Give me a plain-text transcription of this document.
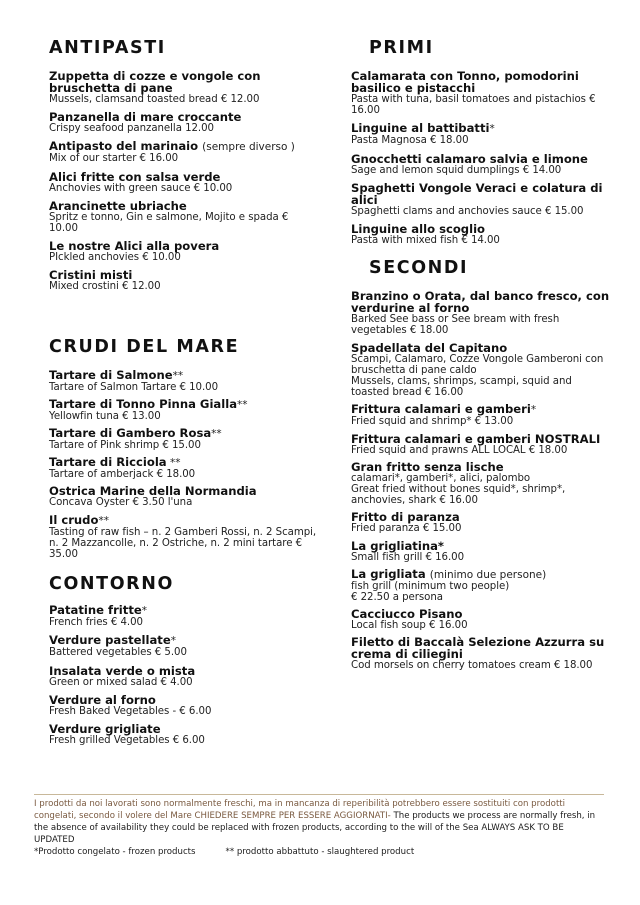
ANTIPASTI
Zuppetta di cozze e vongole con bruschetta di pane
Mussels, clamsand toasted bread € 12.00
Panzanella di mare croccante
Crispy seafood panzanella 12.00
Antipasto del marinaio (sempre diverso )
Mix of our starter € 16.00
Alici fritte con salsa verde
Anchovies with green sauce € 10.00
Arancinette ubriache
Spritz e tonno, Gin e salmone, Mojito e spada € 10.00
Le nostre Alici alla povera
PIckled anchovies € 10.00
Cristini misti
Mixed crostini € 12.00
CRUDI DEL MARE
Tartare di Salmone**
Tartare of Salmon Tartare € 10.00
Tartare di Tonno Pinna Gialla**
Yellowfin tuna € 13.00
Tartare di Gambero Rosa**
Tartare of Pink shrimp € 15.00
Tartare di Ricciola **
Tartare of amberjack € 18.00
Ostrica Marine della Normandia
Concava Oyster € 3.50 l'una
Il crudo**
Tasting of raw fish – n. 2 Gamberi Rossi, n. 2 Scampi, n. 2 Mazzancolle, n. 2 Ostriche, n. 2 mini tartare € 35.00
CONTORNO
Patatine fritte*
French fries € 4.00
Verdure pastellate*
Battered vegetables € 5.00
Insalata verde o mista
Green or mixed salad € 4.00
Verdure al forno
Fresh Baked Vegetables - € 6.00
Verdure grigliate
Fresh grilled Vegetables € 6.00
PRIMI
Calamarata con Tonno, pomodorini basilico e pistacchi
Pasta with tuna, basil tomatoes and pistachios € 16.00
Linguine al battibatti*
Pasta Magnosa € 18.00
Gnocchetti calamaro salvia e limone
Sage and lemon squid dumplings € 14.00
Spaghetti Vongole Veraci e colatura di alici
Spaghetti clams and anchovies sauce € 15.00
Linguine allo scoglio
Pasta with mixed fish € 14.00
SECONDI
Branzino o Orata, dal banco fresco, con verdurine al forno
Barked See bass or See bream with fresh vegetables € 18.00
Spadellata del Capitano
Scampi, Calamaro, Cozze Vongole Gamberoni con bruschetta di pane caldo
Mussels, clams, shrimps, scampi, squid and toasted bread € 16.00
Frittura calamari e gamberi*
Fried squid and shrimp* € 13.00
Frittura calamari e gamberi NOSTRALI
Fried squid and prawns ALL LOCAL € 18.00
Gran fritto senza lische
calamari*, gamberi*, alici, palombo
Great fried without bones squid*, shrimp*, anchovies, shark € 16.00
Fritto di paranza
Fried paranza € 15.00
La grigliatina*
Small fish grill € 16.00
La grigliata (minimo due persone)
fish grill (minimum two people)
€ 22.50 a persona
Cacciucco Pisano
Local fish soup € 16.00
Filetto di Baccalà Selezione Azzurra su crema di ciliegini
Cod morsels on cherry tomatoes cream € 18.00
I prodotti da noi lavorati sono normalmente freschi, ma in mancanza di reperibilità potrebbero essere sostituiti con prodotti congelati, secondo il volere del Mare CHIEDERE SEMPRE PER ESSERE AGGIORNATI- The products we process are normally fresh, in the absence of availability they could be replaced with frozen products, according to the will of the Sea ALWAYS ASK TO BE UPDATED
*Prodotto congelato - frozen products	** prodotto abbattuto - slaughtered product
